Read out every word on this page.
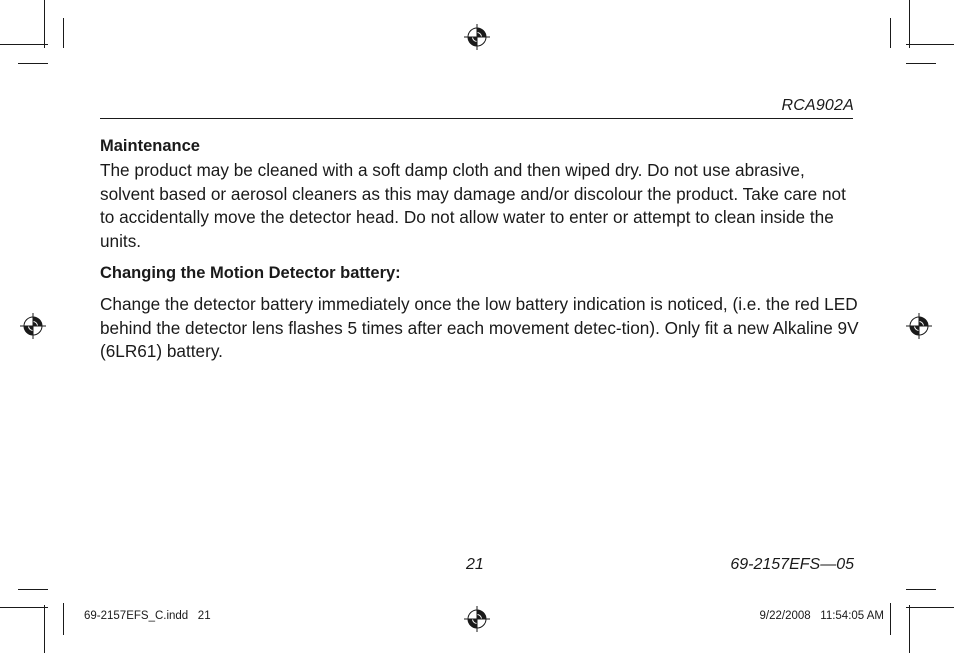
RCA902A
Maintenance

The product may be cleaned with a soft damp cloth and then wiped dry. Do not use abrasive, solvent based or aerosol cleaners as this may damage and/or discolour the product. Take care not to accidentally move the detector head. Do not allow water to enter or attempt to clean inside the units.

Changing the Motion Detector battery:

Change the detector battery immediately once the low battery indication is noticed, (i.e. the red LED behind the detector lens flashes 5 times after each movement detec-tion). Only fit a new Alkaline 9V (6LR61) battery.

21	69-2157EFS—05
69-2157EFS_C.indd   21	9/22/2008   11:54:05 AM
